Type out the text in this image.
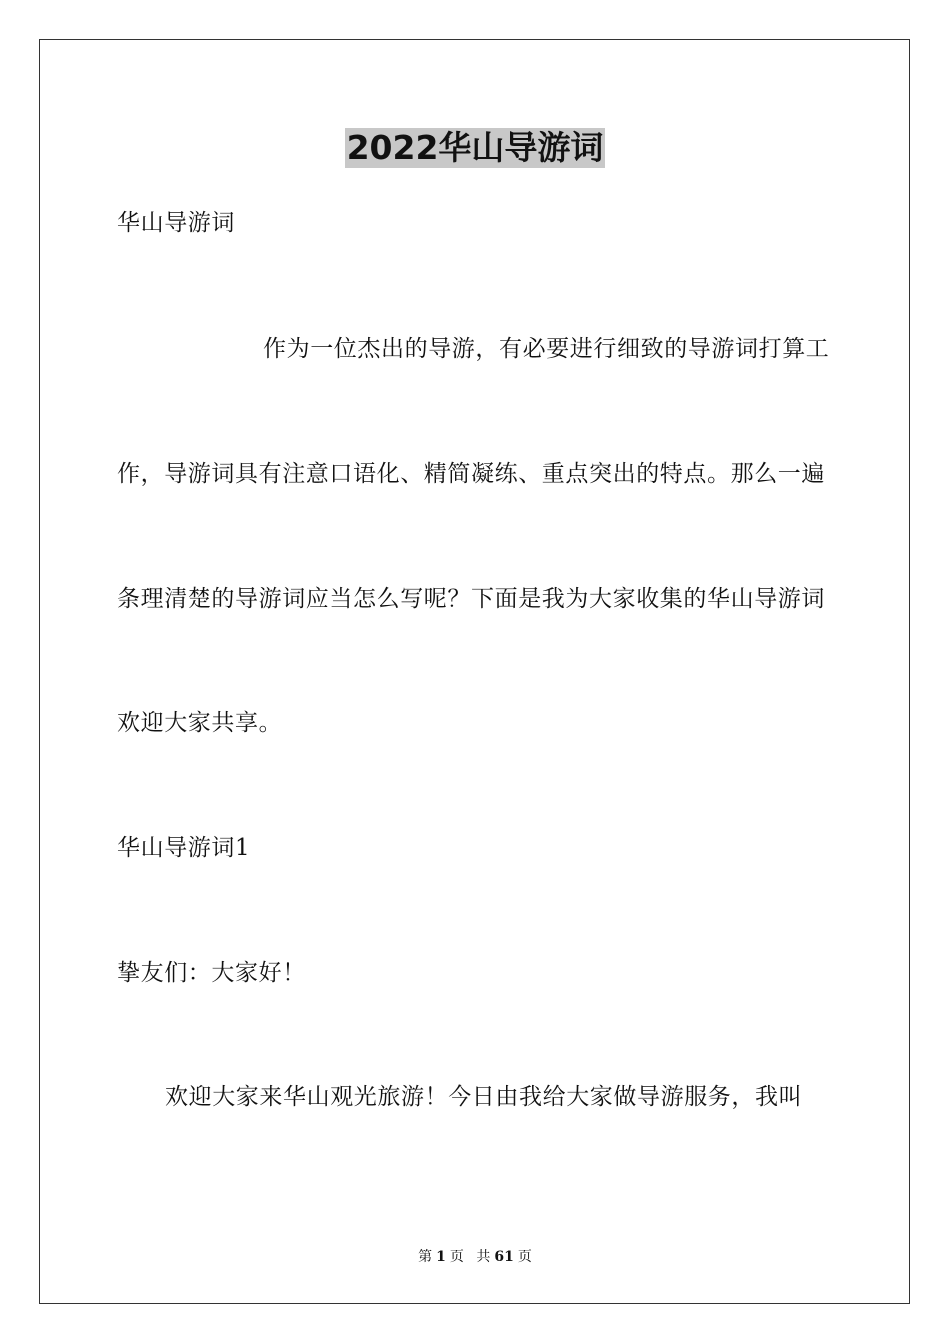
2022华山导游词
华山导游词
作为一位杰出的导游，有必要进行细致的导游词打算工
作，导游词具有注意口语化、精简凝练、重点突出的特点。那么一遍
条理清楚的导游词应当怎么写呢？下面是我为大家收集的华山导游词
欢迎大家共享。
华山导游词1
挚友们：大家好！
欢迎大家来华山观光旅游！今日由我给大家做导游服务，我叫
第 1 页 共 61 页
